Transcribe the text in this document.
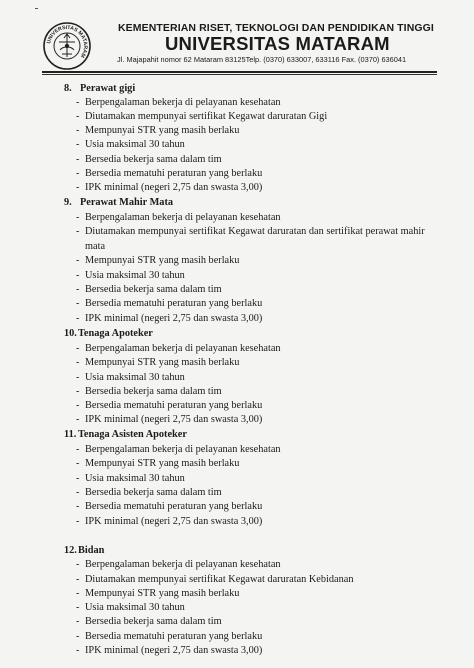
UNIVERSITAS MATARAM
KEMENTERIAN RISET, TEKNOLOGI DAN PENDIDIKAN TINGGI
UNIVERSITAS MATARAM
Jl. Majapahit nomor 62 Mataram 83125Telp. (0370) 633007, 633116 Fax. (0370) 636041
8. Perawat gigi
- Berpengalaman bekerja di pelayanan kesehatan
- Diutamakan mempunyai sertifikat Kegawat daruratan Gigi
- Mempunyai STR yang masih berlaku
- Usia maksimal 30 tahun
- Bersedia bekerja sama dalam tim
- Bersedia mematuhi peraturan yang berlaku
- IPK minimal (negeri 2,75 dan swasta 3,00)
9. Perawat Mahir Mata
- Berpengalaman bekerja di pelayanan kesehatan
- Diutamakan mempunyai sertifikat Kegawat daruratan dan sertifikat perawat mahir
- Mempunyai STR yang masih berlaku
- Usia maksimal 30 tahun
- Bersedia bekerja sama dalam tim
- Bersedia mematuhi peraturan yang berlaku
- IPK minimal (negeri 2,75 dan swasta 3,00)
mata
10.Tenaga Apoteker
- Berpengalaman bekerja di pelayanan kesehatan
- Mempunyai STR yang masih berlaku
- Usia maksimal 30 tahun
- Bersedia bekerja sama dalam tim
- Bersedia mematuhi peraturan yang berlaku
- IPK minimal (negeri 2,75 dan swasta 3,00)
11. Tenaga Asisten Apoteker
- Berpengalaman bekerja di pelayanan kesehatan
- Mempunyai STR yang masih berlaku
- Usia maksimal 30 tahun
- Bersedia bekerja sama dalam tim
- Bersedia mematuhi peraturan yang berlaku
- IPK minimal (negeri 2,75 dan swasta 3,00)
12.Bidan
- Berpengalaman bekerja di pelayanan kesehatan
- Diutamakan mempunyai sertifikat Kegawat daruratan Kebidanan
- Mempunyai STR yang masih berlaku
- Usia maksimal 30 tahun
- Bersedia bekerja sama dalam tim
- Bersedia mematuhi peraturan yang berlaku
- IPK minimal (negeri 2,75 dan swasta 3,00)
